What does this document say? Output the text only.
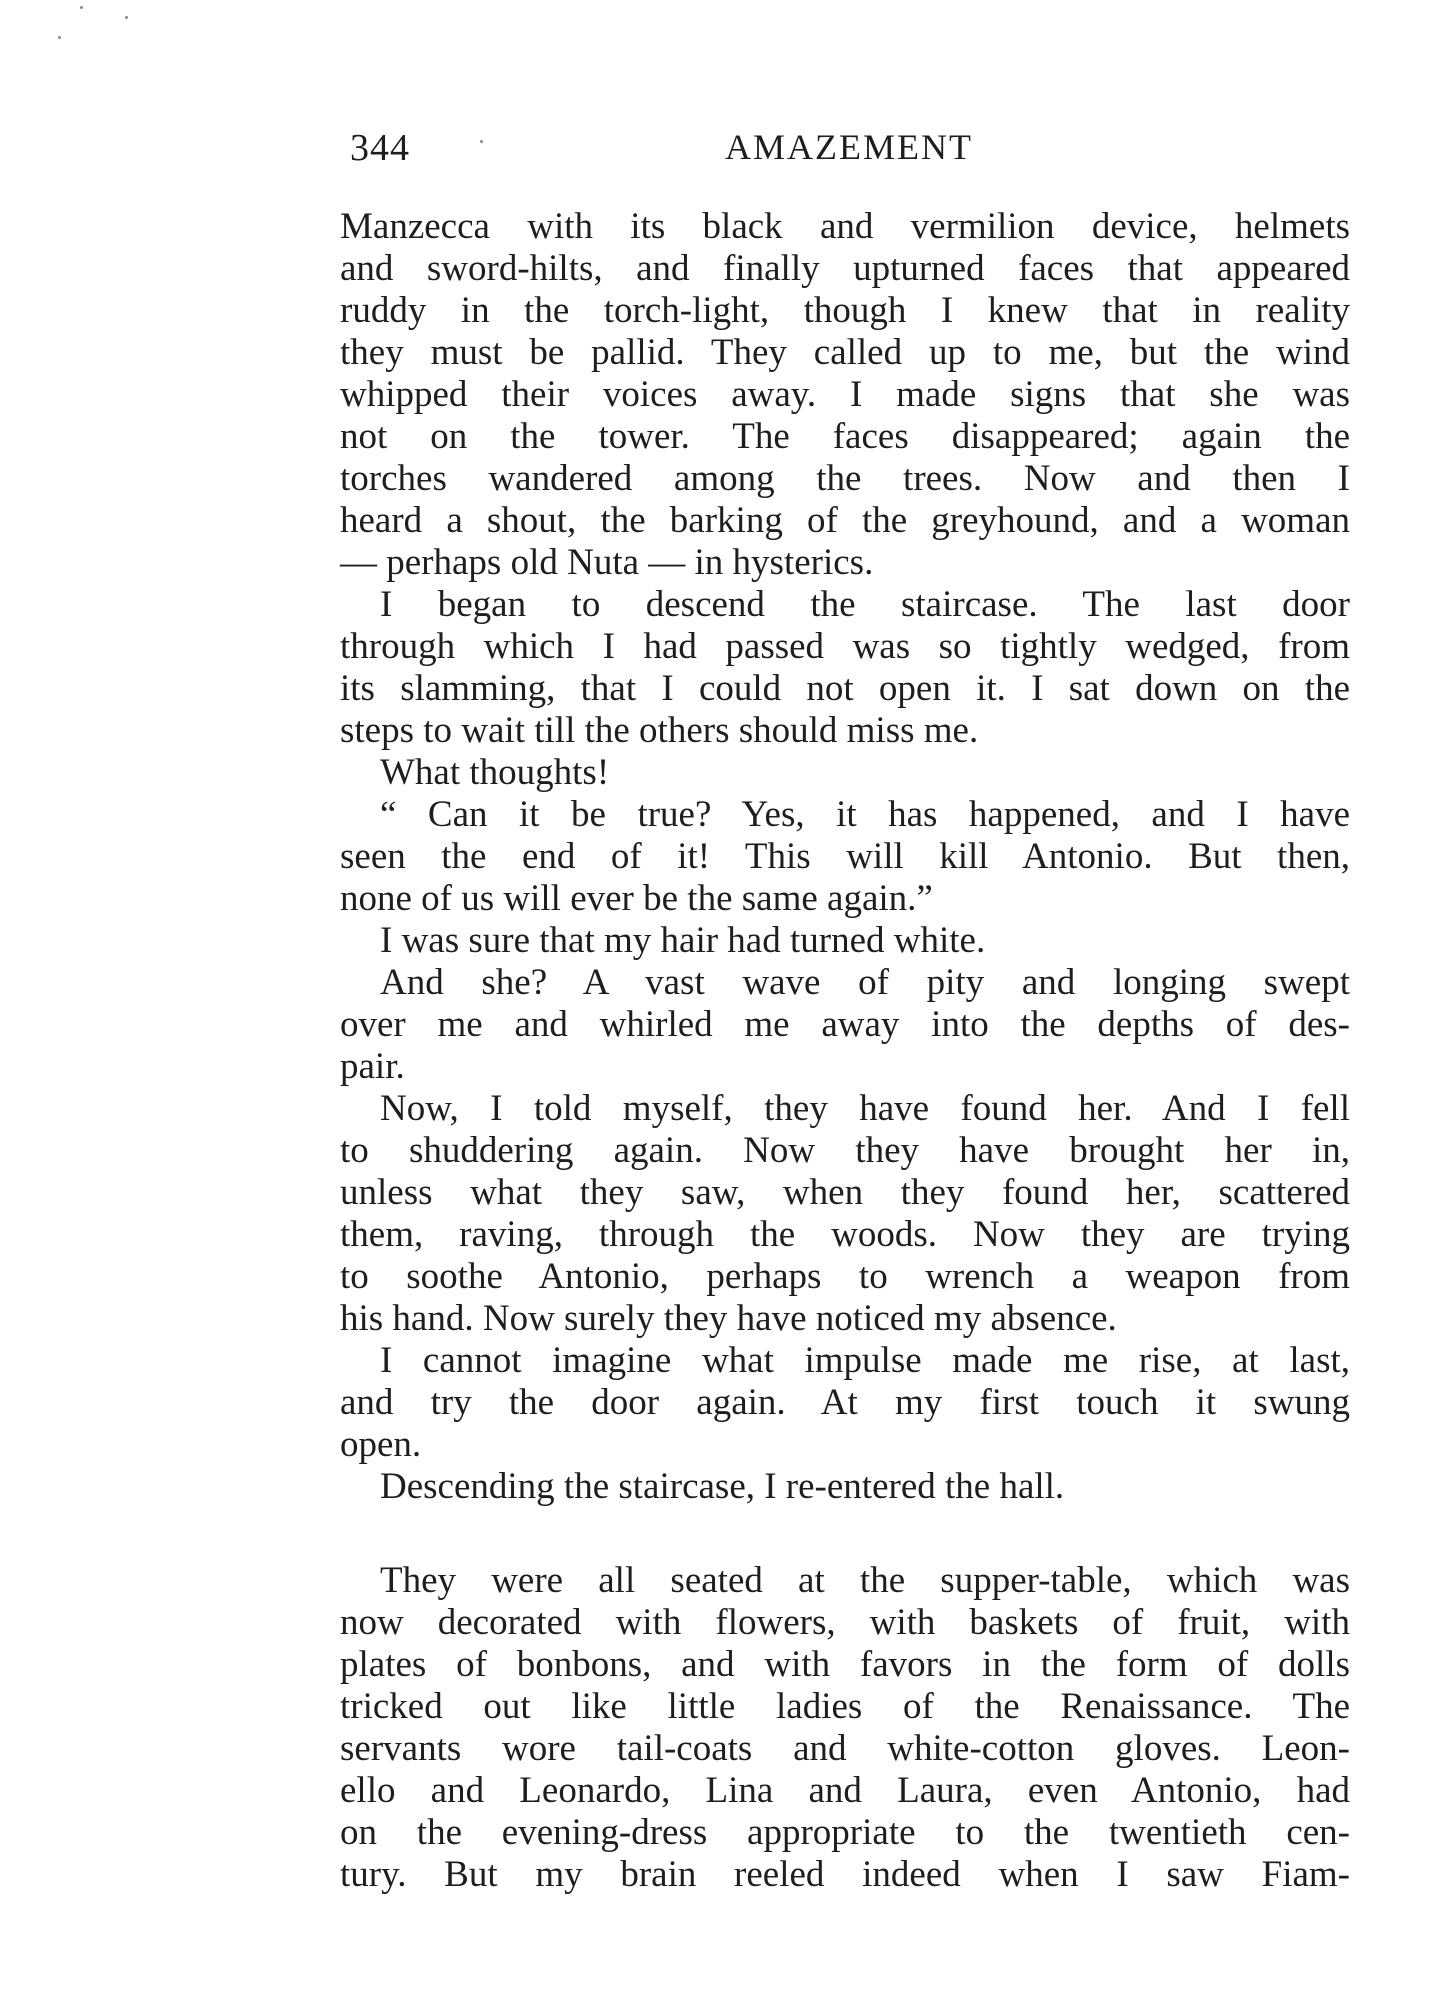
344	AMAZEMENT
Manzecca with its black and vermilion device, helmets
and sword-hilts, and finally upturned faces that appeared
ruddy in the torch-light, though I knew that in reality
they must be pallid. They called up to me, but the wind
whipped their voices away. I made signs that she was
not on the tower. The faces disappeared; again the
torches wandered among the trees. Now and then I
heard a shout, the barking of the greyhound, and a woman
— perhaps old Nuta — in hysterics.
I began to descend the staircase. The last door
through which I had passed was so tightly wedged, from
its slamming, that I could not open it. I sat down on the
steps to wait till the others should miss me.
What thoughts!
“ Can it be true? Yes, it has happened, and I have
seen the end of it! This will kill Antonio. But then,
none of us will ever be the same again.”
I was sure that my hair had turned white.
And she? A vast wave of pity and longing swept
over me and whirled me away into the depths of des-
pair.
Now, I told myself, they have found her. And I fell
to shuddering again. Now they have brought her in,
unless what they saw, when they found her, scattered
them, raving, through the woods. Now they are trying
to soothe Antonio, perhaps to wrench a weapon from
his hand. Now surely they have noticed my absence.
I cannot imagine what impulse made me rise, at last,
and try the door again. At my first touch it swung
open.
Descending the staircase, I re-entered the hall.
They were all seated at the supper-table, which was
now decorated with flowers, with baskets of fruit, with
plates of bonbons, and with favors in the form of dolls
tricked out like little ladies of the Renaissance. The
servants wore tail-coats and white-cotton gloves. Leon-
ello and Leonardo, Lina and Laura, even Antonio, had
on the evening-dress appropriate to the twentieth cen-
tury. But my brain reeled indeed when I saw Fiam-
